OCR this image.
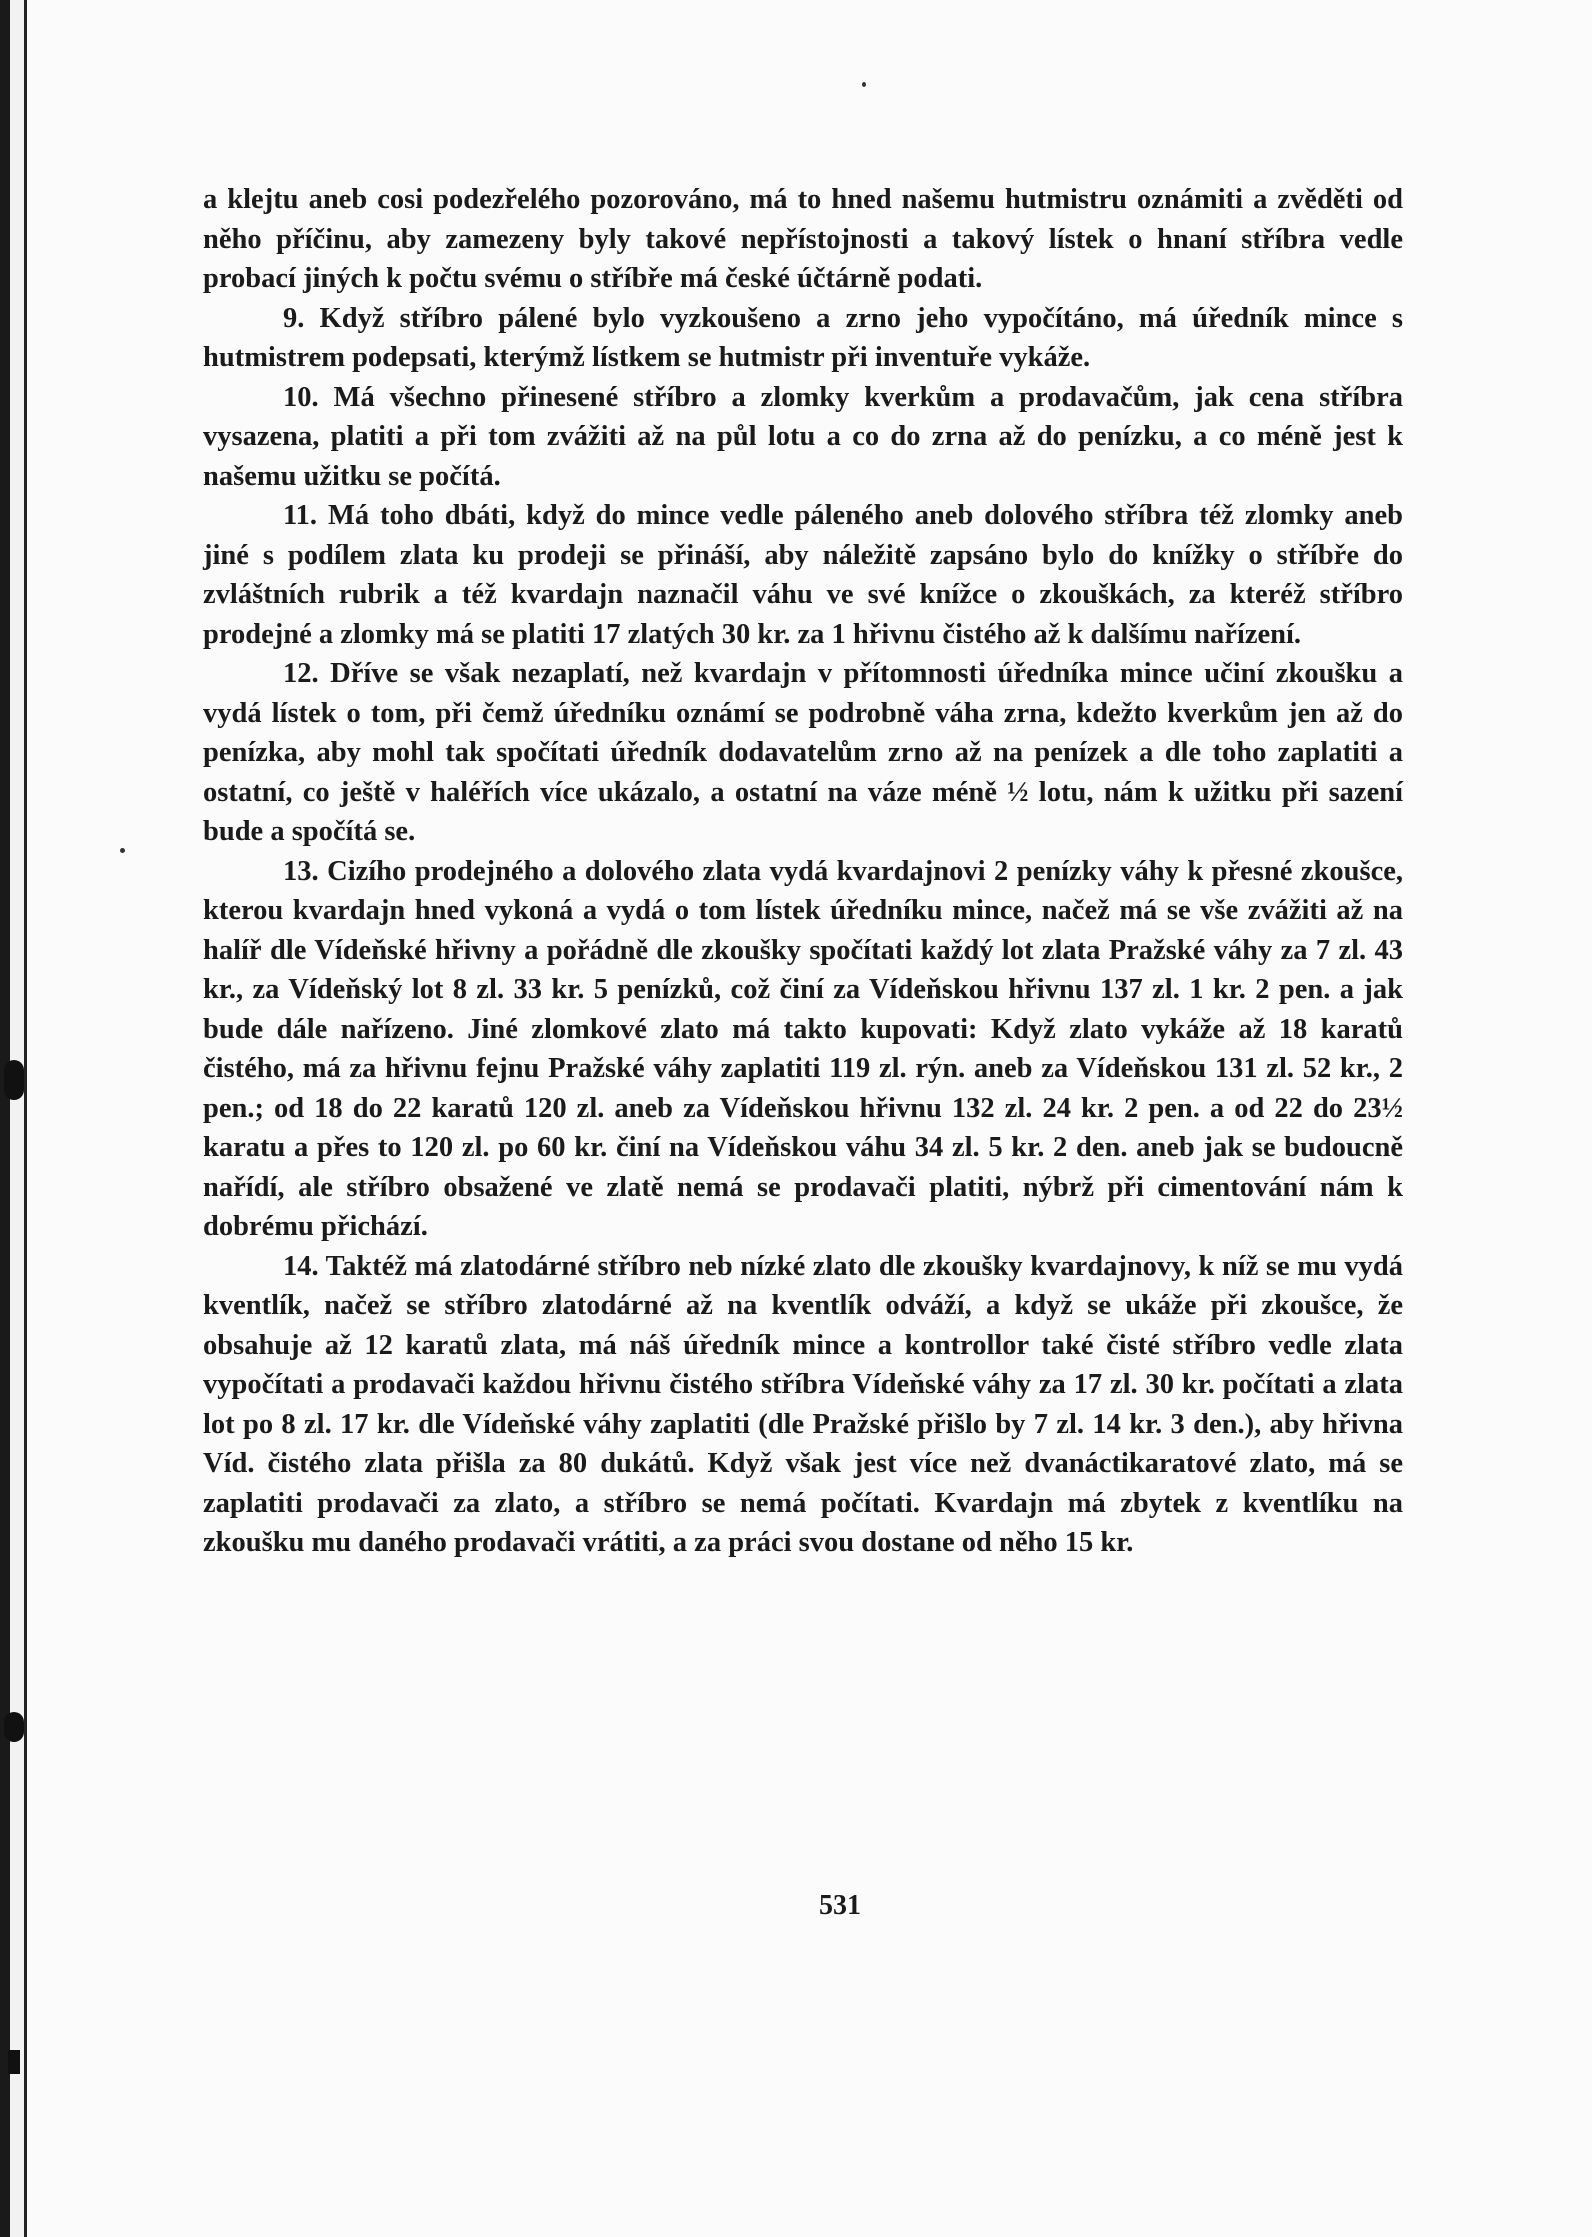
a klejtu aneb cosi podezřelého pozorováno, má to hned našemu hutmistru oznámiti a zvěděti od něho příčinu, aby zamezeny byly takové nepřístojnosti a takový lístek o hnaní stříbra vedle probací jiných k počtu svému o stříbře má české účtárně podati.

9. Když stříbro pálené bylo vyzkoušeno a zrno jeho vypočítáno, má úředník mince s hutmistrem podepsati, kterýmž lístkem se hutmistr při inventuře vykáže.

10. Má všechno přinesené stříbro a zlomky kverkům a prodavačům, jak cena stříbra vysazena, platiti a při tom zvážiti až na půl lotu a co do zrna až do penízku, a co méně jest k našemu užitku se počítá.

11. Má toho dbáti, když do mince vedle páleného aneb dolového stříbra též zlomky aneb jiné s podílem zlata ku prodeji se přináší, aby náležitě zapsáno bylo do knížky o stříbře do zvláštních rubrik a též kvardajn naznačil váhu ve své knížce o zkouškách, za kteréž stříbro prodejné a zlomky má se platiti 17 zlatých 30 kr. za 1 hřivnu čistého až k dalšímu nařízení.

12. Dříve se však nezaplatí, než kvardajn v přítomnosti úředníka mince učiní zkoušku a vydá lístek o tom, při čemž úředníku oznámí se podrobně váha zrna, kdežto kverkům jen až do penízka, aby mohl tak spočítati úředník dodavatelům zrno až na penízek a dle toho zaplatiti a ostatní, co ještě v haléřích více ukázalo, a ostatní na váze méně ½ lotu, nám k užitku při sazení bude a spočítá se.

13. Cizího prodejného a dolového zlata vydá kvardajnovi 2 penízky váhy k přesné zkoušce, kterou kvardajn hned vykoná a vydá o tom lístek úředníku mince, načež má se vše zvážiti až na halíř dle Vídeňské hřivny a pořádně dle zkoušky spočítati každý lot zlata Pražské váhy za 7 zl. 43 kr., za Vídeňský lot 8 zl. 33 kr. 5 penízků, což činí za Vídeňskou hřivnu 137 zl. 1 kr. 2 pen. a jak bude dále nařízeno. Jiné zlomkové zlato má takto kupovati: Když zlato vykáže až 18 karatů čistého, má za hřivnu fejnu Pražské váhy zaplatiti 119 zl. rýn. aneb za Vídeňskou 131 zl. 52 kr., 2 pen.; od 18 do 22 karatů 120 zl. aneb za Vídeňskou hřivnu 132 zl. 24 kr. 2 pen. a od 22 do 23½ karatu a přes to 120 zl. po 60 kr. činí na Vídeňskou váhu 34 zl. 5 kr. 2 den. aneb jak se budoucně nařídí, ale stříbro obsažené ve zlatě nemá se prodavači platiti, nýbrž při cimentování nám k dobrému přichází.

14. Taktéž má zlatodárné stříbro neb nízké zlato dle zkoušky kvardajnovy, k níž se mu vydá kventlík, načež se stříbro zlatodárné až na kventlík odváží, a když se ukáže při zkoušce, že obsahuje až 12 karatů zlata, má náš úředník mince a kontrollor také čisté stříbro vedle zlata vypočítati a prodavači každou hřivnu čistého stříbra Vídeňské váhy za 17 zl. 30 kr. počítati a zlata lot po 8 zl. 17 kr. dle Vídeňské váhy zaplatiti (dle Pražské přišlo by 7 zl. 14 kr. 3 den.), aby hřivna Víd. čistého zlata přišla za 80 dukátů. Když však jest více než dvanáctikaratové zlato, má se zaplatiti prodavači za zlato, a stříbro se nemá počítati. Kvardajn má zbytek z kventlíku na zkoušku mu daného prodavači vrátiti, a za práci svou dostane od něho 15 kr.

531
